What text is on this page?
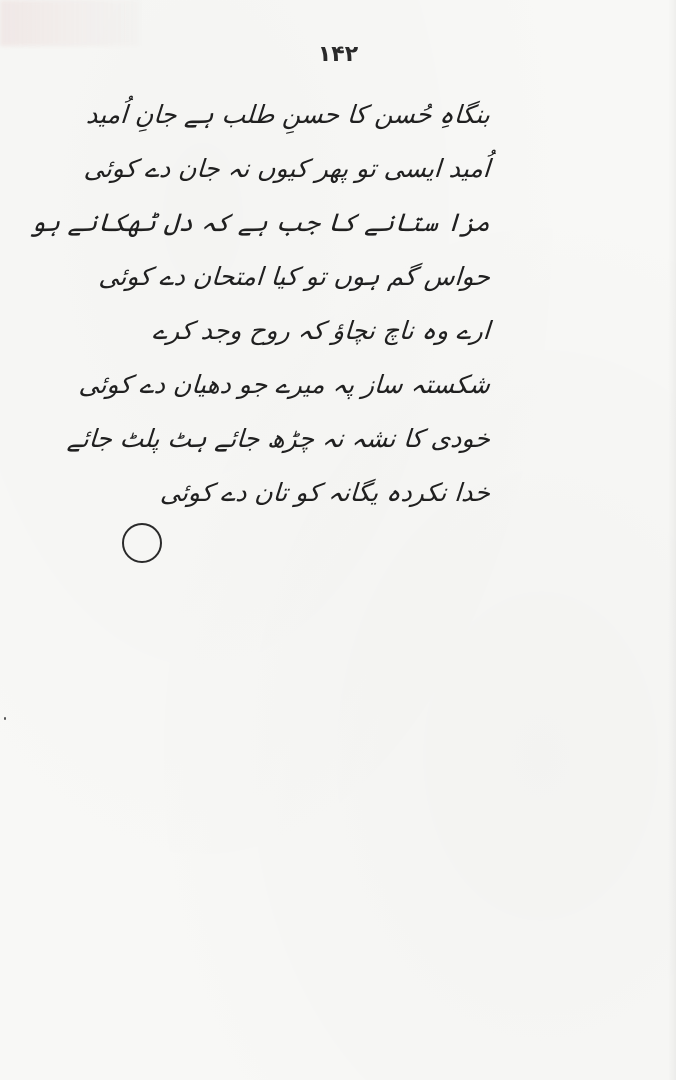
۱۴۲
بنگاہِ حُسن کا حسنِ طلب ہے جانِ اُمید
اُمید ایسی تو پھر کیوں نہ جان دے کوئی
مزا ستانے کا جب ہے کہ دل ٹھکانے ہو
حواس گم ہوں تو کیا امتحان دے کوئی
ارے وہ ناچ نچاؤ کہ روح وجد کرے
شکستہ ساز پہ میرے جو دھیان دے کوئی
خودی کا نشہ نہ چڑھ جائے ہٹ پلٹ جائے
خدا نکردہ یگانہ کو تان دے کوئی
